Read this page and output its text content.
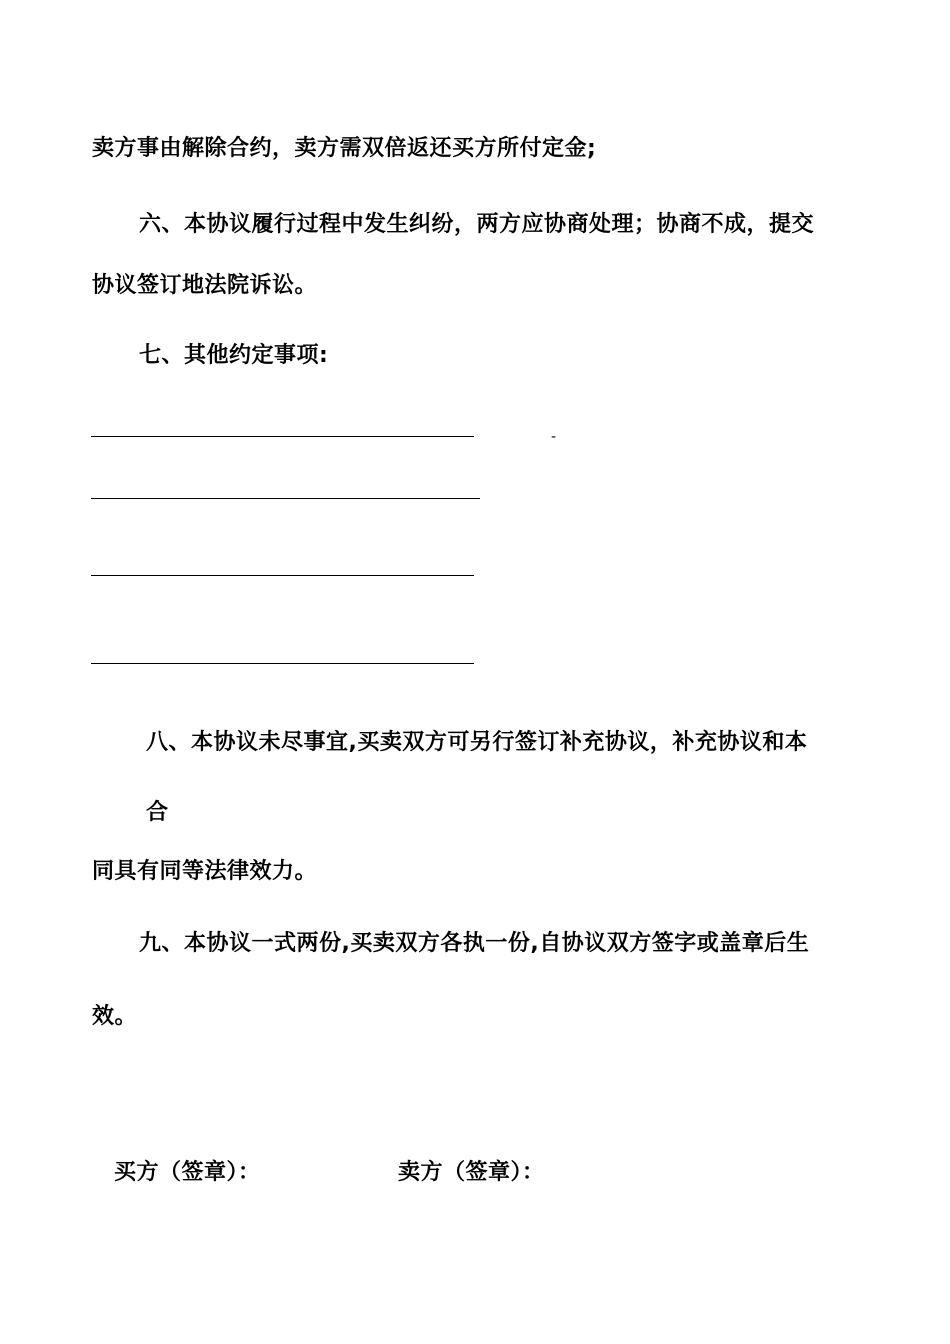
卖方事由解除合约，卖方需双倍返还买方所付定金;
六、本协议履行过程中发生纠纷，两方应协商处理；协商不成，提交
协议签订地法院诉讼。
七、其他约定事项:
-
八、本协议未尽事宜,买卖双方可另行签订补充协议，补充协议和本
合
同具有同等法律效力。
九、本协议一式两份,买卖双方各执一份,自协议双方签字或盖章后生
效。
买方（签章）：	卖方（签章）：
